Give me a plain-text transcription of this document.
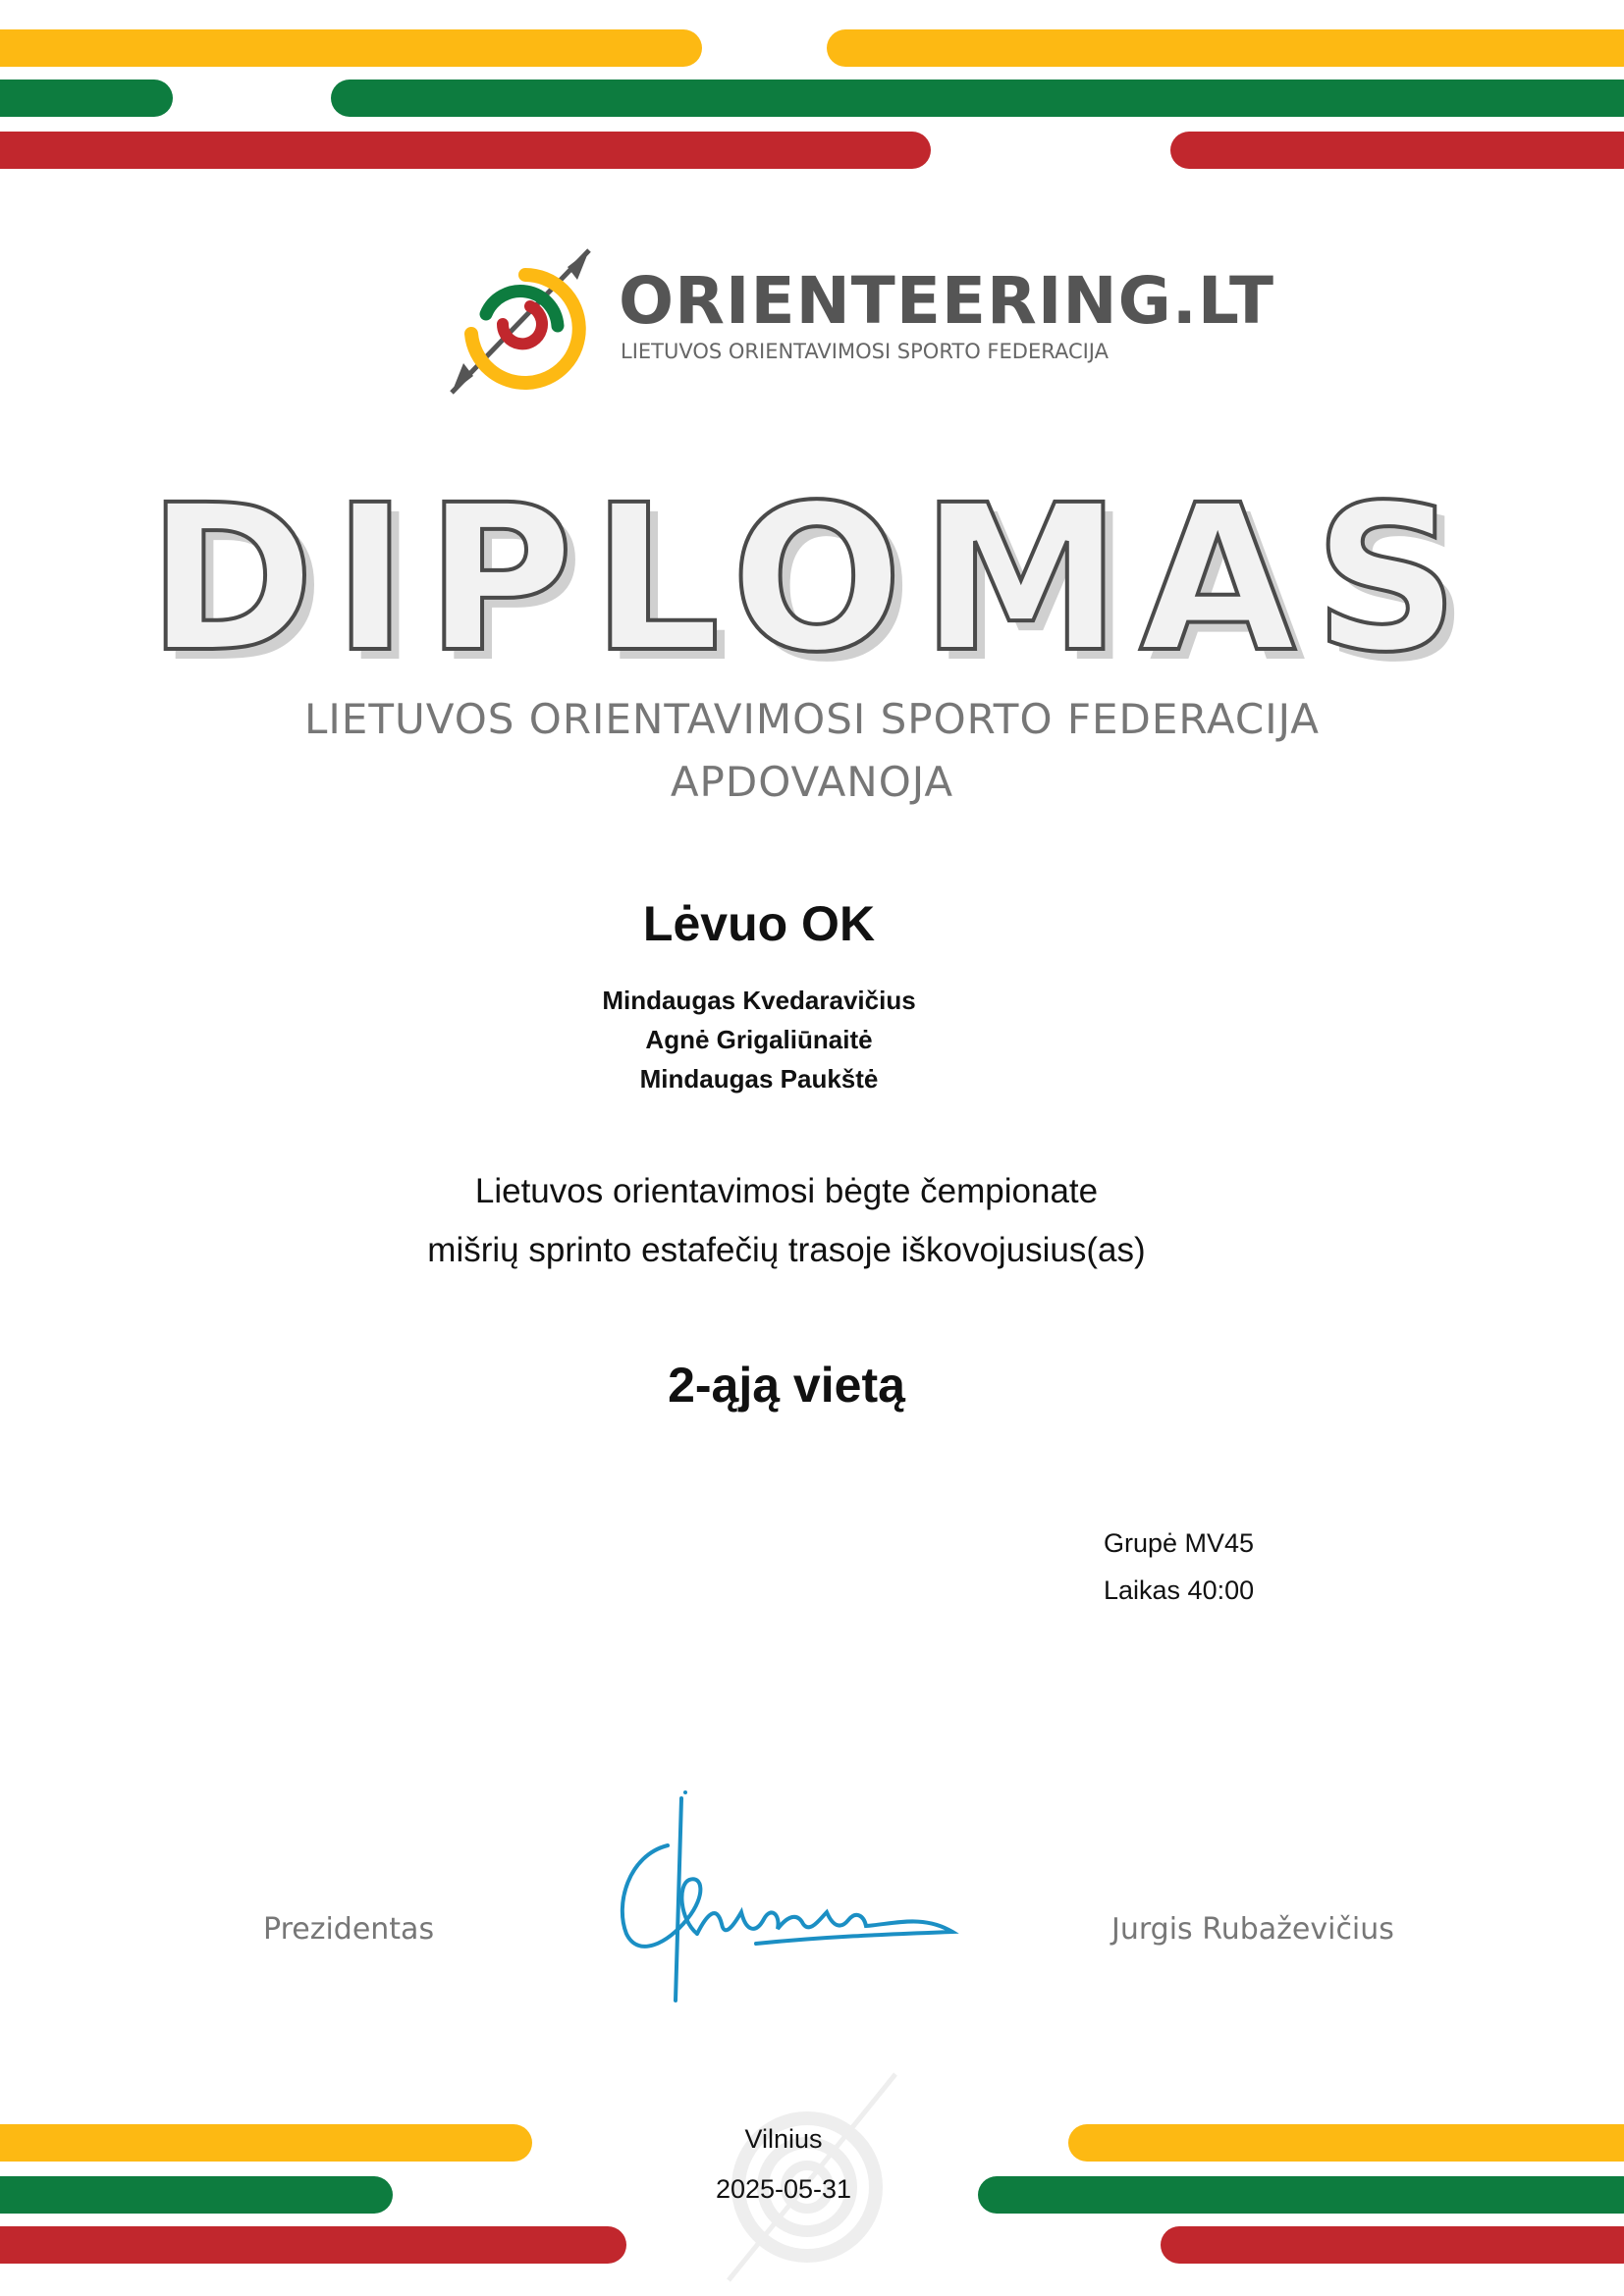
ORIENTEERING.LT
LIETUVOS ORIENTAVIMOSI SPORTO FEDERACIJA
DIPLOMAS
LIETUVOS ORIENTAVIMOSI SPORTO FEDERACIJA
APDOVANOJA
Lėvuo OK
Mindaugas Kvedaravičius
Agnė Grigaliūnaitė
Mindaugas Paukštė
Lietuvos orientavimosi bėgte čempionate
mišrių sprinto estafečių trasoje iškovojusius(as)
2-ąją vietą
Grupė MV45
Laikas 40:00
Prezidentas	Jurgis Rubaževičius
Vilnius
2025-05-31
